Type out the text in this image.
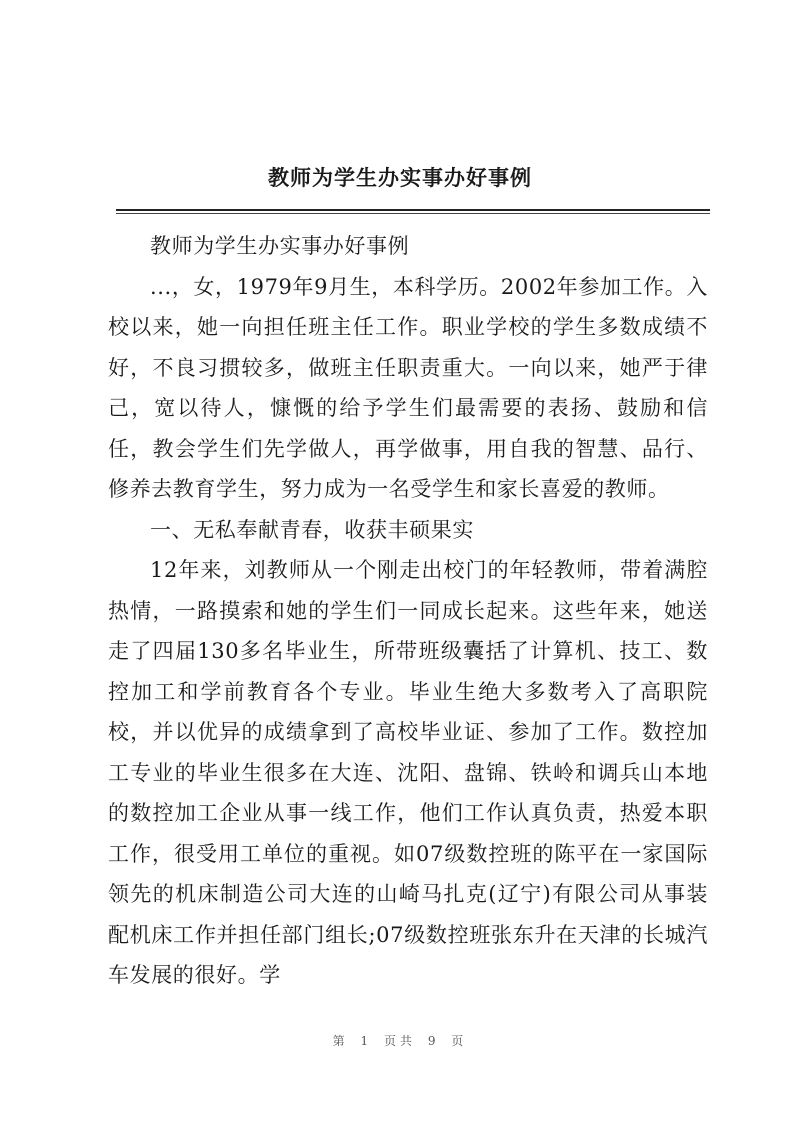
教师为学生办实事办好事例

教师为学生办实事办好事例

...，女，1979年9月生，本科学历。2002年参加工作。入校以来，她一向担任班主任工作。职业学校的学生多数成绩不好，不良习掼较多，做班主任职责重大。一向以来，她严于律己，宽以待人，慷慨的给予学生们最需要的表扬、鼓励和信任，教会学生们先学做人，再学做事，用自我的智慧、品行、修养去教育学生，努力成为一名受学生和家长喜爱的教师。

一、无私奉献青春，收获丰硕果实

12年来，刘教师从一个刚走出校门的年轻教师，带着满腔热情，一路摸索和她的学生们一同成长起来。这些年来，她送走了四届130多名毕业生，所带班级囊括了计算机、技工、数控加工和学前教育各个专业。毕业生绝大多数考入了高职院校，并以优异的成绩拿到了高校毕业证、参加了工作。数控加工专业的毕业生很多在大连、沈阳、盘锦、铁岭和调兵山本地的数控加工企业从事一线工作，他们工作认真负责，热爱本职工作，很受用工单位的重视。如07级数控班的陈平在一家国际领先的机床制造公司大连的山崎马扎克(辽宁)有限公司从事装配机床工作并担任部门组长;07级数控班张东升在天津的长城汽车发展的很好。学

第 1 页共 9 页
